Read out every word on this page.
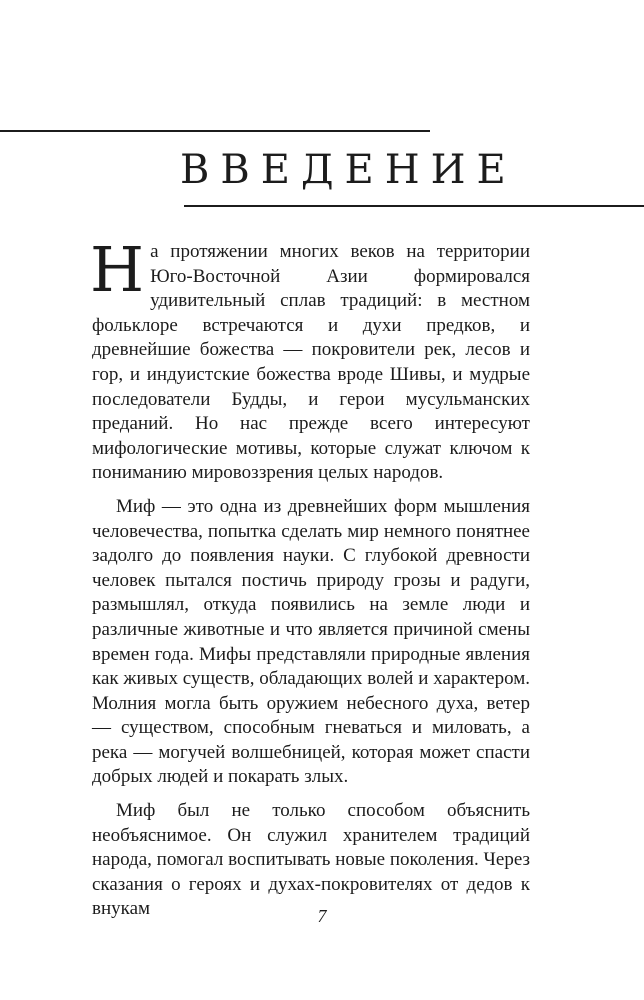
ВВЕДЕНИЕ

На протяжении многих веков на территории Юго-Восточной Азии формировался удивительный сплав традиций: в местном фольклоре встречаются и духи предков, и древнейшие божества — покровители рек, лесов и гор, и индуистские божества вроде Шивы, и мудрые последователи Будды, и герои мусульманских преданий. Но нас прежде всего интересуют мифологические мотивы, которые служат ключом к пониманию мировоззрения целых народов.

Миф — это одна из древнейших форм мышления человечества, попытка сделать мир немного понятнее задолго до появления науки. С глубокой древности человек пытался постичь природу грозы и радуги, размышлял, откуда появились на земле люди и различные животные и что является причиной смены времен года. Мифы представляли природные явления как живых существ, обладающих волей и характером. Молния могла быть оружием небесного духа, ветер — существом, способным гневаться и миловать, а река — могучей волшебницей, которая может спасти добрых людей и покарать злых.

Миф был не только способом объяснить необъяснимое. Он служил хранителем традиций народа, помогал воспитывать новые поколения. Через сказания о героях и духах-покровителях от дедов к внукам	7
